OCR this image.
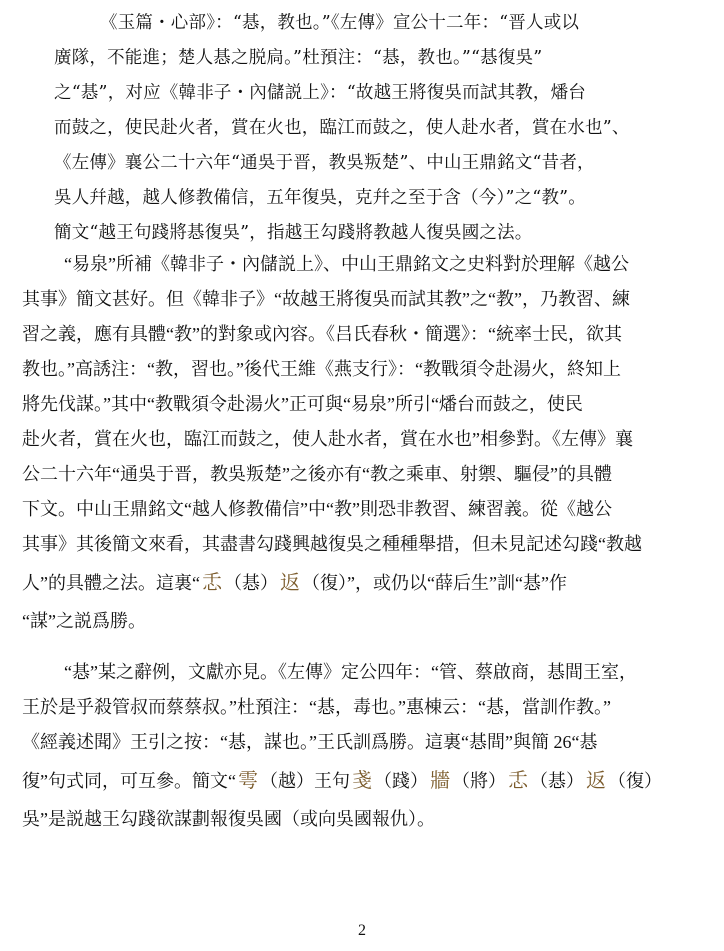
《玉篇・心部》：“惎，教也。”《左傳》宣公十二年：“晋人或以
廣隊，不能進；楚人惎之脱扃。”杜預注：“惎，教也。”“惎復吳”
之“惎”，对应《韓非子・內儲説上》：“故越王將復吳而試其教，燔台
而鼓之，使民赴火者，賞在火也，臨江而鼓之，使人赴水者，賞在水也”、
《左傳》襄公二十六年“通吳于晋，教吳叛楚”、中山王鼎銘文“昔者，
吳人幷越，越人修教備信，五年復吳，克幷之至于含（今）”之“教”。
簡文“越王句踐將惎復吳”，指越王勾踐將教越人復吳國之法。
“易泉”所補《韓非子・內儲説上》、中山王鼎銘文之史料對於理解《越公
其事》簡文甚好。但《韓非子》“故越王將復吳而試其教”之“教”，乃教習、練
習之義，應有具體“教”的對象或內容。《吕氏春秋・簡選》：“統率士民，欲其
教也。”高誘注：“教，習也。”後代王維《燕支行》：“教戰須令赴湯火，終知上
將先伐謀。”其中“教戰須令赴湯火”正可與“易泉”所引“燔台而鼓之，使民
赴火者，賞在火也，臨江而鼓之，使人赴水者，賞在水也”相參對。《左傳》襄
公二十六年“通吳于晋，教吳叛楚”之後亦有“教之乘車、射禦、驅侵”的具體
下文。中山王鼎銘文“越人修教備信”中“教”則恐非教習、練習義。從《越公
其事》其後簡文來看，其盡書勾踐興越復吳之種種舉措，但未見記述勾踐“教越
人”的具體之法。這裏“ 忎 （惎） 返 （復）”，或仍以“薛后生”訓“惎”作
“謀”之説爲勝。
“惎”某之辭例，文獻亦見。《左傳》定公四年：“管、蔡啟商，惎間王室，
王於是乎殺管叔而蔡蔡叔。”杜預注：“惎，毒也。”惠棟云：“惎，當訓作教。”
《經義述聞》王引之按：“惎，謀也。”王氏訓爲勝。這裏“惎間”與簡 26“惎
復”句式同，可互參。簡文“ 雩 （越）王句 戔 （踐） 牆 （將） 忎 （惎） 返 （復）
吳”是説越王勾踐欲謀劃報復吳國（或向吳國報仇）。
2
